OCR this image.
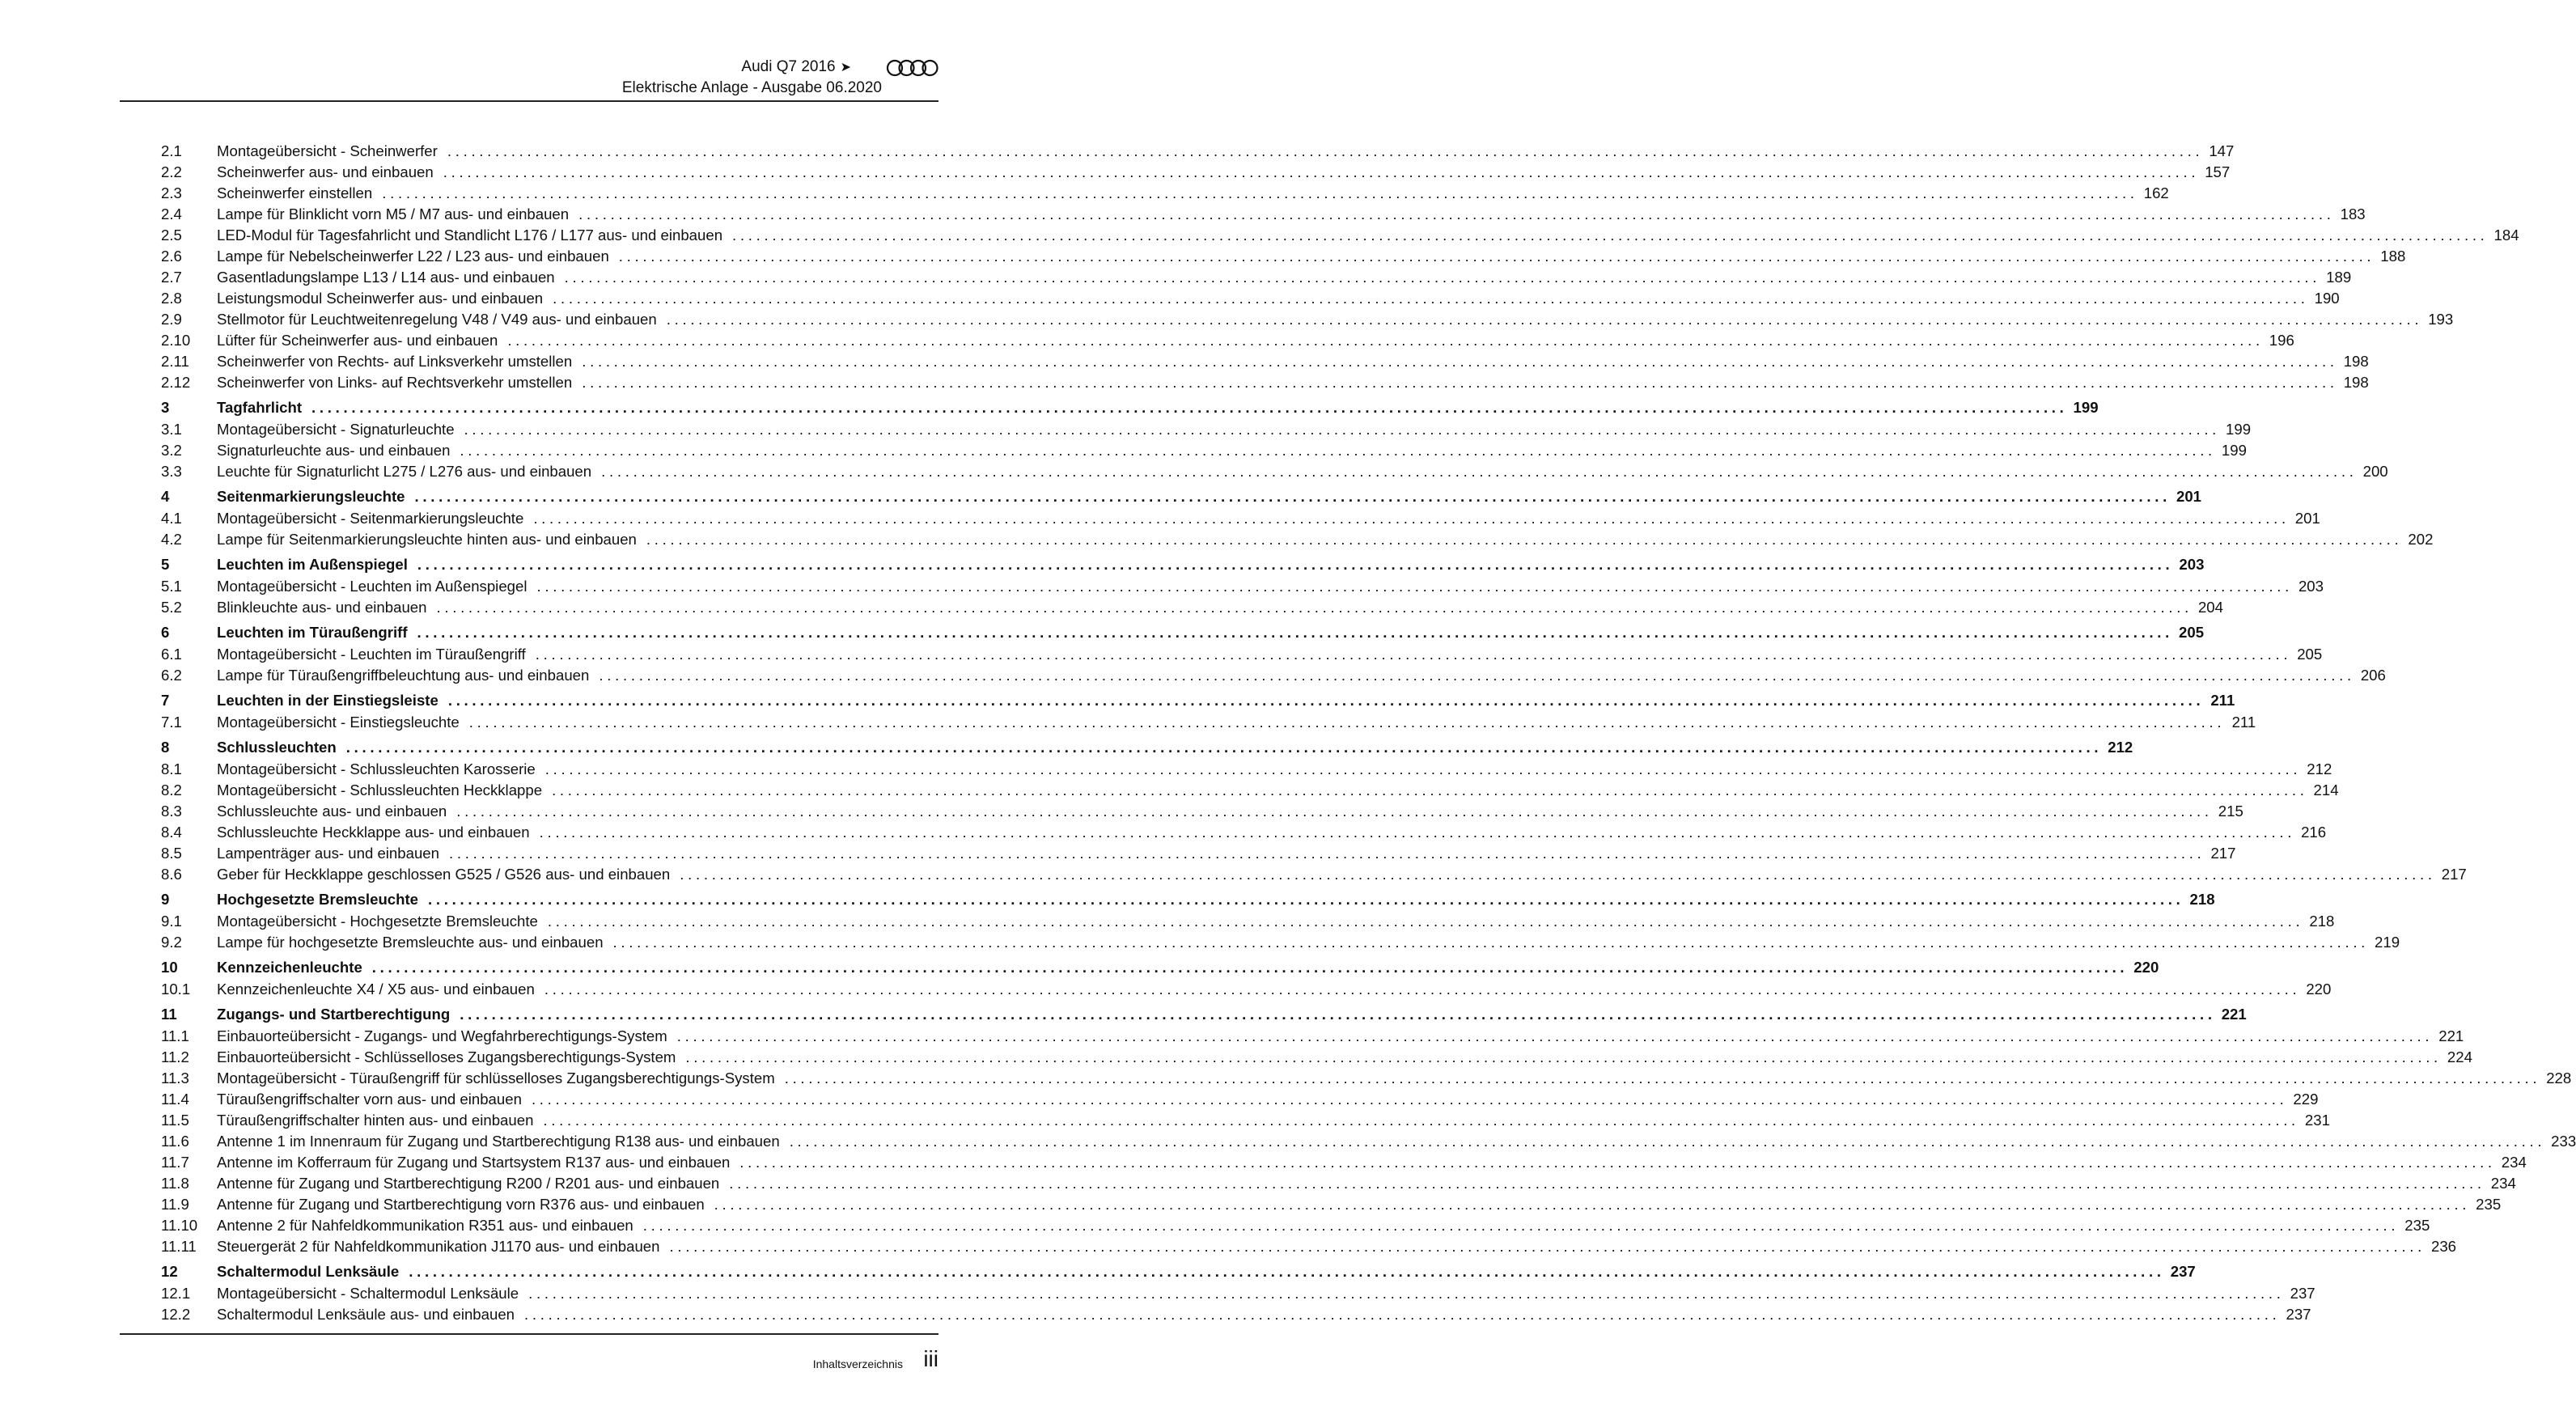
Audi Q7 2016 ➤
Elektrische Anlage - Ausgabe 06.2020
2.1	Montageübersicht - Scheinwerfer ............................................................................................................................................................................................................................ 147
2.2	Scheinwerfer aus- und einbauen ............................................................................................................................................................................................................................ 157
2.3	Scheinwerfer einstellen ............................................................................................................................................................................................................................ 162
2.4	Lampe für Blinklicht vorn M5 / M7 aus- und einbauen ............................................................................................................................................................................................................................ 183
2.5	LED-Modul für Tagesfahrlicht und Standlicht L176 / L177 aus- und einbauen ............................................................................................................................................................................................................................ 184
2.6	Lampe für Nebelscheinwerfer L22 / L23 aus- und einbauen ............................................................................................................................................................................................................................ 188
2.7	Gasentladungslampe L13 / L14 aus- und einbauen ............................................................................................................................................................................................................................ 189
2.8	Leistungsmodul Scheinwerfer aus- und einbauen ............................................................................................................................................................................................................................ 190
2.9	Stellmotor für Leuchtweitenregelung V48 / V49 aus- und einbauen ............................................................................................................................................................................................................................ 193
2.10	Lüfter für Scheinwerfer aus- und einbauen ............................................................................................................................................................................................................................ 196
2.11	Scheinwerfer von Rechts- auf Linksverkehr umstellen ............................................................................................................................................................................................................................ 198
2.12	Scheinwerfer von Links- auf Rechtsverkehr umstellen ............................................................................................................................................................................................................................ 198
3	Tagfahrlicht ............................................................................................................................................................................................................................ 199
3.1	Montageübersicht - Signaturleuchte ............................................................................................................................................................................................................................ 199
3.2	Signaturleuchte aus- und einbauen ............................................................................................................................................................................................................................ 199
3.3	Leuchte für Signaturlicht L275 / L276 aus- und einbauen ............................................................................................................................................................................................................................ 200
4	Seitenmarkierungsleuchte ............................................................................................................................................................................................................................ 201
4.1	Montageübersicht - Seitenmarkierungsleuchte ............................................................................................................................................................................................................................ 201
4.2	Lampe für Seitenmarkierungsleuchte hinten aus- und einbauen ............................................................................................................................................................................................................................ 202
5	Leuchten im Außenspiegel ............................................................................................................................................................................................................................ 203
5.1	Montageübersicht - Leuchten im Außenspiegel ............................................................................................................................................................................................................................ 203
5.2	Blinkleuchte aus- und einbauen ............................................................................................................................................................................................................................ 204
6	Leuchten im Türaußengriff ............................................................................................................................................................................................................................ 205
6.1	Montageübersicht - Leuchten im Türaußengriff ............................................................................................................................................................................................................................ 205
6.2	Lampe für Türaußengriffbeleuchtung aus- und einbauen ............................................................................................................................................................................................................................ 206
7	Leuchten in der Einstiegsleiste ............................................................................................................................................................................................................................ 211
7.1	Montageübersicht - Einstiegsleuchte ............................................................................................................................................................................................................................ 211
8	Schlussleuchten ............................................................................................................................................................................................................................ 212
8.1	Montageübersicht - Schlussleuchten Karosserie ............................................................................................................................................................................................................................ 212
8.2	Montageübersicht - Schlussleuchten Heckklappe ............................................................................................................................................................................................................................ 214
8.3	Schlussleuchte aus- und einbauen ............................................................................................................................................................................................................................ 215
8.4	Schlussleuchte Heckklappe aus- und einbauen ............................................................................................................................................................................................................................ 216
8.5	Lampenträger aus- und einbauen ............................................................................................................................................................................................................................ 217
8.6	Geber für Heckklappe geschlossen G525 / G526 aus- und einbauen ............................................................................................................................................................................................................................ 217
9	Hochgesetzte Bremsleuchte ............................................................................................................................................................................................................................ 218
9.1	Montageübersicht - Hochgesetzte Bremsleuchte ............................................................................................................................................................................................................................ 218
9.2	Lampe für hochgesetzte Bremsleuchte aus- und einbauen ............................................................................................................................................................................................................................ 219
10	Kennzeichenleuchte ............................................................................................................................................................................................................................ 220
10.1	Kennzeichenleuchte X4 / X5 aus- und einbauen ............................................................................................................................................................................................................................ 220
11	Zugangs- und Startberechtigung ............................................................................................................................................................................................................................ 221
11.1	Einbauorteübersicht - Zugangs- und Wegfahrberechtigungs-System ............................................................................................................................................................................................................................ 221
11.2	Einbauorteübersicht - Schlüsselloses Zugangsberechtigungs-System ............................................................................................................................................................................................................................ 224
11.3	Montageübersicht - Türaußengriff für schlüsselloses Zugangsberechtigungs-System ............................................................................................................................................................................................................................ 228
11.4	Türaußengriffschalter vorn aus- und einbauen ............................................................................................................................................................................................................................ 229
11.5	Türaußengriffschalter hinten aus- und einbauen ............................................................................................................................................................................................................................ 231
11.6	Antenne 1 im Innenraum für Zugang und Startberechtigung R138 aus- und einbauen ............................................................................................................................................................................................................................ 233
11.7	Antenne im Kofferraum für Zugang und Startsystem R137 aus- und einbauen ............................................................................................................................................................................................................................ 234
11.8	Antenne für Zugang und Startberechtigung R200 / R201 aus- und einbauen ............................................................................................................................................................................................................................ 234
11.9	Antenne für Zugang und Startberechtigung vorn R376 aus- und einbauen ............................................................................................................................................................................................................................ 235
11.10	Antenne 2 für Nahfeldkommunikation R351 aus- und einbauen ............................................................................................................................................................................................................................ 235
11.11	Steuergerät 2 für Nahfeldkommunikation J1170 aus- und einbauen ............................................................................................................................................................................................................................ 236
12	Schaltermodul Lenksäule ............................................................................................................................................................................................................................ 237
12.1	Montageübersicht - Schaltermodul Lenksäule ............................................................................................................................................................................................................................ 237
12.2	Schaltermodul Lenksäule aus- und einbauen ............................................................................................................................................................................................................................ 237
Inhaltsverzeichnis iii
